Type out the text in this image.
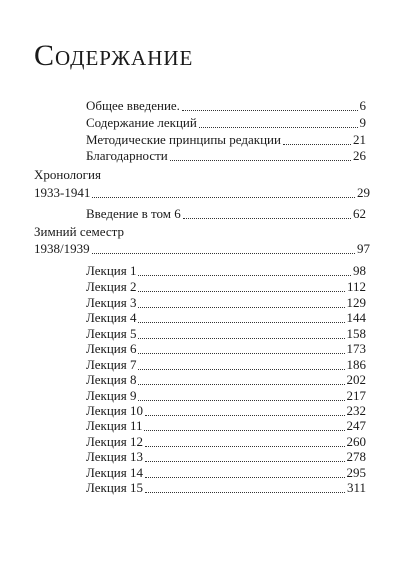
Содержание
Общее введение.	6
Содержание лекций	9
Методические принципы редакции	21
Благодарности	26
Хронология
1933-1941	29
Введение в том 6	62
Зимний семестр
1938/1939	97
Лекция 1	98
Лекция 2	112
Лекция 3	129
Лекция 4	144
Лекция 5	158
Лекция 6	173
Лекция 7	186
Лекция 8	202
Лекция 9	217
Лекция 10	232
Лекция 11	247
Лекция 12	260
Лекция 13	278
Лекция 14	295
Лекция 15	311
